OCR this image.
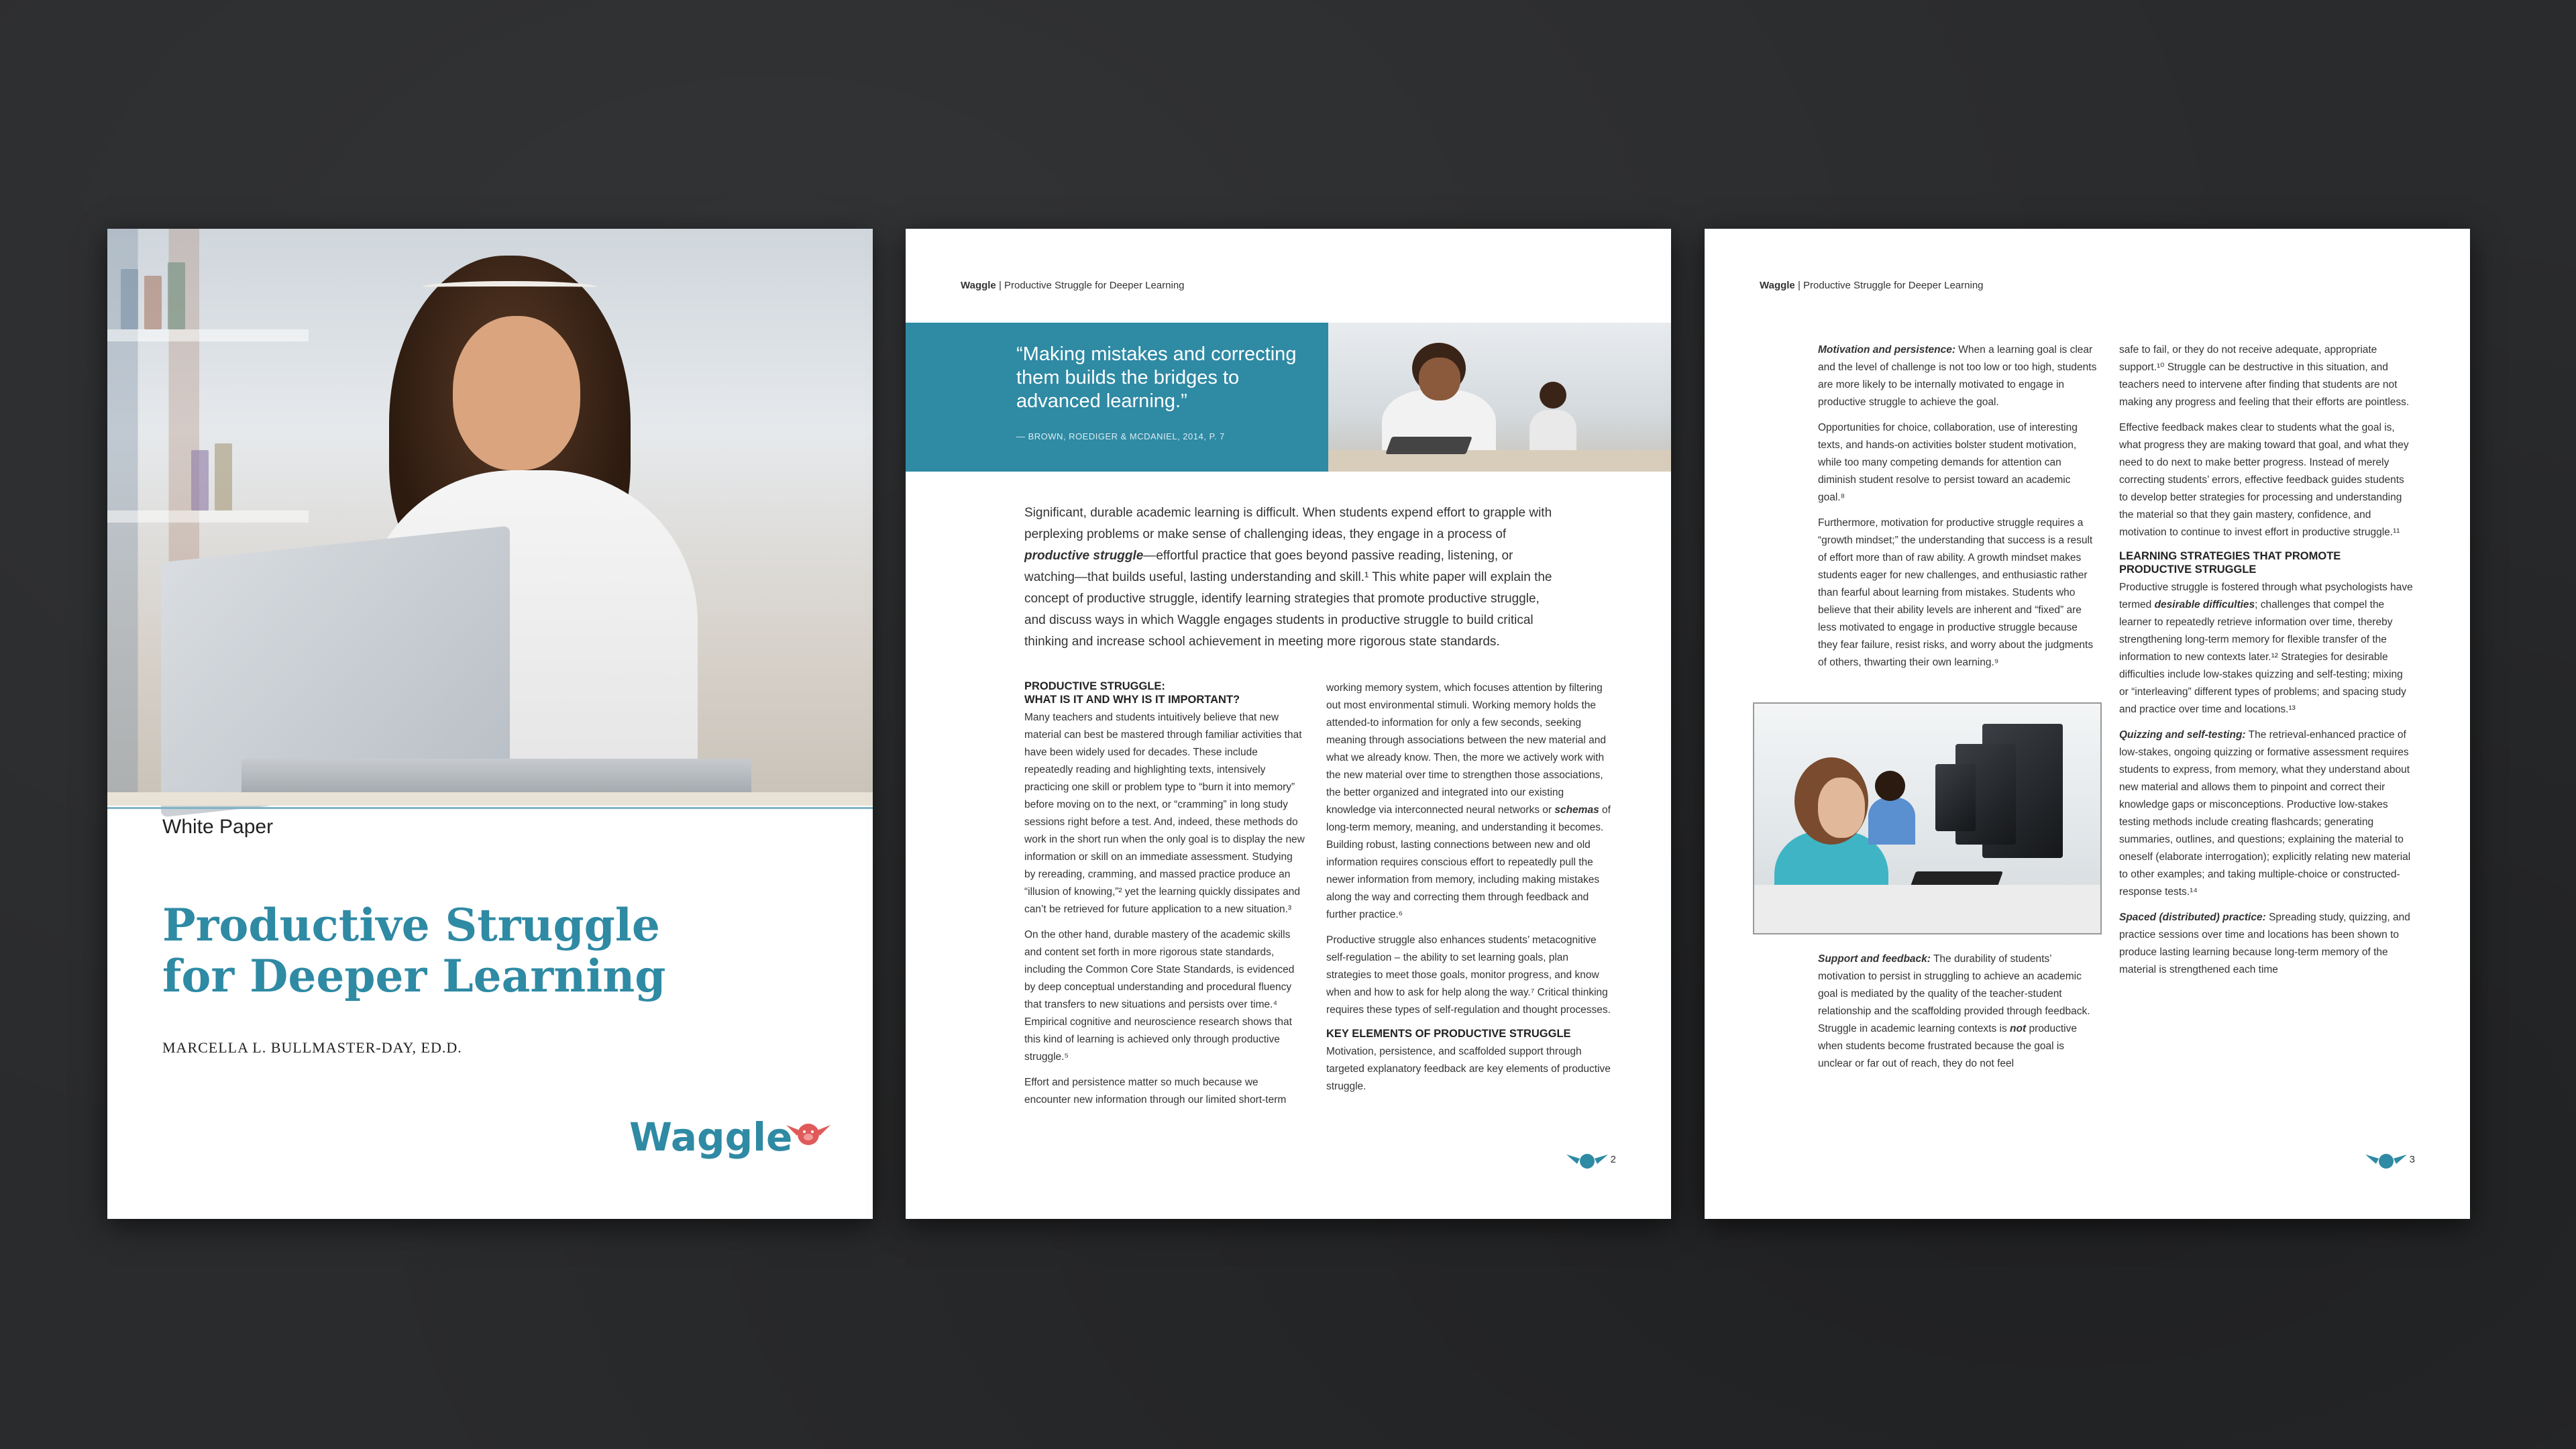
White Paper
Productive Struggle
for Deeper Learning
MARCELLA L. BULLMASTER-DAY, ED.D.
Waggle
Waggle | Productive Struggle for Deeper Learning
“Making mistakes and correcting them builds the bridges to advanced learning.”
— BROWN, ROEDIGER & MCDANIEL, 2014, P. 7
Significant, durable academic learning is difficult. When students expend effort to grapple with perplexing problems or make sense of challenging ideas, they engage in a process of productive struggle—effortful practice that goes beyond passive reading, listening, or watching—that builds useful, lasting understanding and skill.¹ This white paper will explain the concept of productive struggle, identify learning strategies that promote productive struggle, and discuss ways in which Waggle engages students in productive struggle to build critical thinking and increase school achievement in meeting more rigorous state standards.
PRODUCTIVE STRUGGLE:
WHAT IS IT AND WHY IS IT IMPORTANT?

Many teachers and students intuitively believe that new material can best be mastered through familiar activities that have been widely used for decades. These include repeatedly reading and highlighting texts, intensively practicing one skill or problem type to “burn it into memory” before moving on to the next, or “cramming” in long study sessions right before a test. And, indeed, these methods do work in the short run when the only goal is to display the new information or skill on an immediate assessment. Studying by rereading, cramming, and massed practice produce an “illusion of knowing,”² yet the learning quickly dissipates and can’t be retrieved for future application to a new situation.³

On the other hand, durable mastery of the academic skills and content set forth in more rigorous state standards, including the Common Core State Standards, is evidenced by deep conceptual understanding and procedural fluency that transfers to new situations and persists over time.⁴ Empirical cognitive and neuroscience research shows that this kind of learning is achieved only through productive struggle.⁵

Effort and persistence matter so much because we encounter new information through our limited short-term

working memory system, which focuses attention by filtering out most environmental stimuli. Working memory holds the attended-to information for only a few seconds, seeking meaning through associations between the new material and what we already know. Then, the more we actively work with the new material over time to strengthen those associations, the better organized and integrated into our existing knowledge via interconnected neural networks or schemas of long-term memory, meaning, and understanding it becomes. Building robust, lasting connections between new and old information requires conscious effort to repeatedly pull the newer information from memory, including making mistakes along the way and correcting them through feedback and further practice.⁶

Productive struggle also enhances students’ metacognitive self-regulation – the ability to set learning goals, plan strategies to meet those goals, monitor progress, and know when and how to ask for help along the way.⁷ Critical thinking requires these types of self-regulation and thought processes.

KEY ELEMENTS OF PRODUCTIVE STRUGGLE

Motivation, persistence, and scaffolded support through targeted explanatory feedback are key elements of productive struggle.

2
Waggle | Productive Struggle for Deeper Learning

Motivation and persistence: When a learning goal is clear and the level of challenge is not too low or too high, students are more likely to be internally motivated to engage in productive struggle to achieve the goal.

Opportunities for choice, collaboration, use of interesting texts, and hands-on activities bolster student motivation, while too many competing demands for attention can diminish student resolve to persist toward an academic goal.⁸

Furthermore, motivation for productive struggle requires a “growth mindset;” the understanding that success is a result of effort more than of raw ability. A growth mindset makes students eager for new challenges, and enthusiastic rather than fearful about learning from mistakes. Students who believe that their ability levels are inherent and “fixed” are less motivated to engage in productive struggle because they fear failure, resist risks, and worry about the judgments of others, thwarting their own learning.⁹

Support and feedback: The durability of students’ motivation to persist in struggling to achieve an academic goal is mediated by the quality of the teacher-student relationship and the scaffolding provided through feedback. Struggle in academic learning contexts is not productive when students become frustrated because the goal is unclear or far out of reach, they do not feel

safe to fail, or they do not receive adequate, appropriate support.¹⁰ Struggle can be destructive in this situation, and teachers need to intervene after finding that students are not making any progress and feeling that their efforts are pointless.

Effective feedback makes clear to students what the goal is, what progress they are making toward that goal, and what they need to do next to make better progress. Instead of merely correcting students’ errors, effective feedback guides students to develop better strategies for processing and understanding the material so that they gain mastery, confidence, and motivation to continue to invest effort in productive struggle.¹¹

LEARNING STRATEGIES THAT PROMOTE
PRODUCTIVE STRUGGLE

Productive struggle is fostered through what psychologists have termed desirable difficulties; challenges that compel the learner to repeatedly retrieve information over time, thereby strengthening long-term memory for flexible transfer of the information to new contexts later.¹² Strategies for desirable difficulties include low-stakes quizzing and self-testing; mixing or “interleaving” different types of problems; and spacing study and practice over time and locations.¹³

Quizzing and self-testing: The retrieval-enhanced practice of low-stakes, ongoing quizzing or formative assessment requires students to express, from memory, what they understand about new material and allows them to pinpoint and correct their knowledge gaps or misconceptions. Productive low-stakes testing methods include creating flashcards; generating summaries, outlines, and questions; explaining the material to oneself (elaborate interrogation); explicitly relating new material to other examples; and taking multiple-choice or constructed-response tests.¹⁴

Spaced (distributed) practice: Spreading study, quizzing, and practice sessions over time and locations has been shown to produce lasting learning because long-term memory of the material is strengthened each time

3
